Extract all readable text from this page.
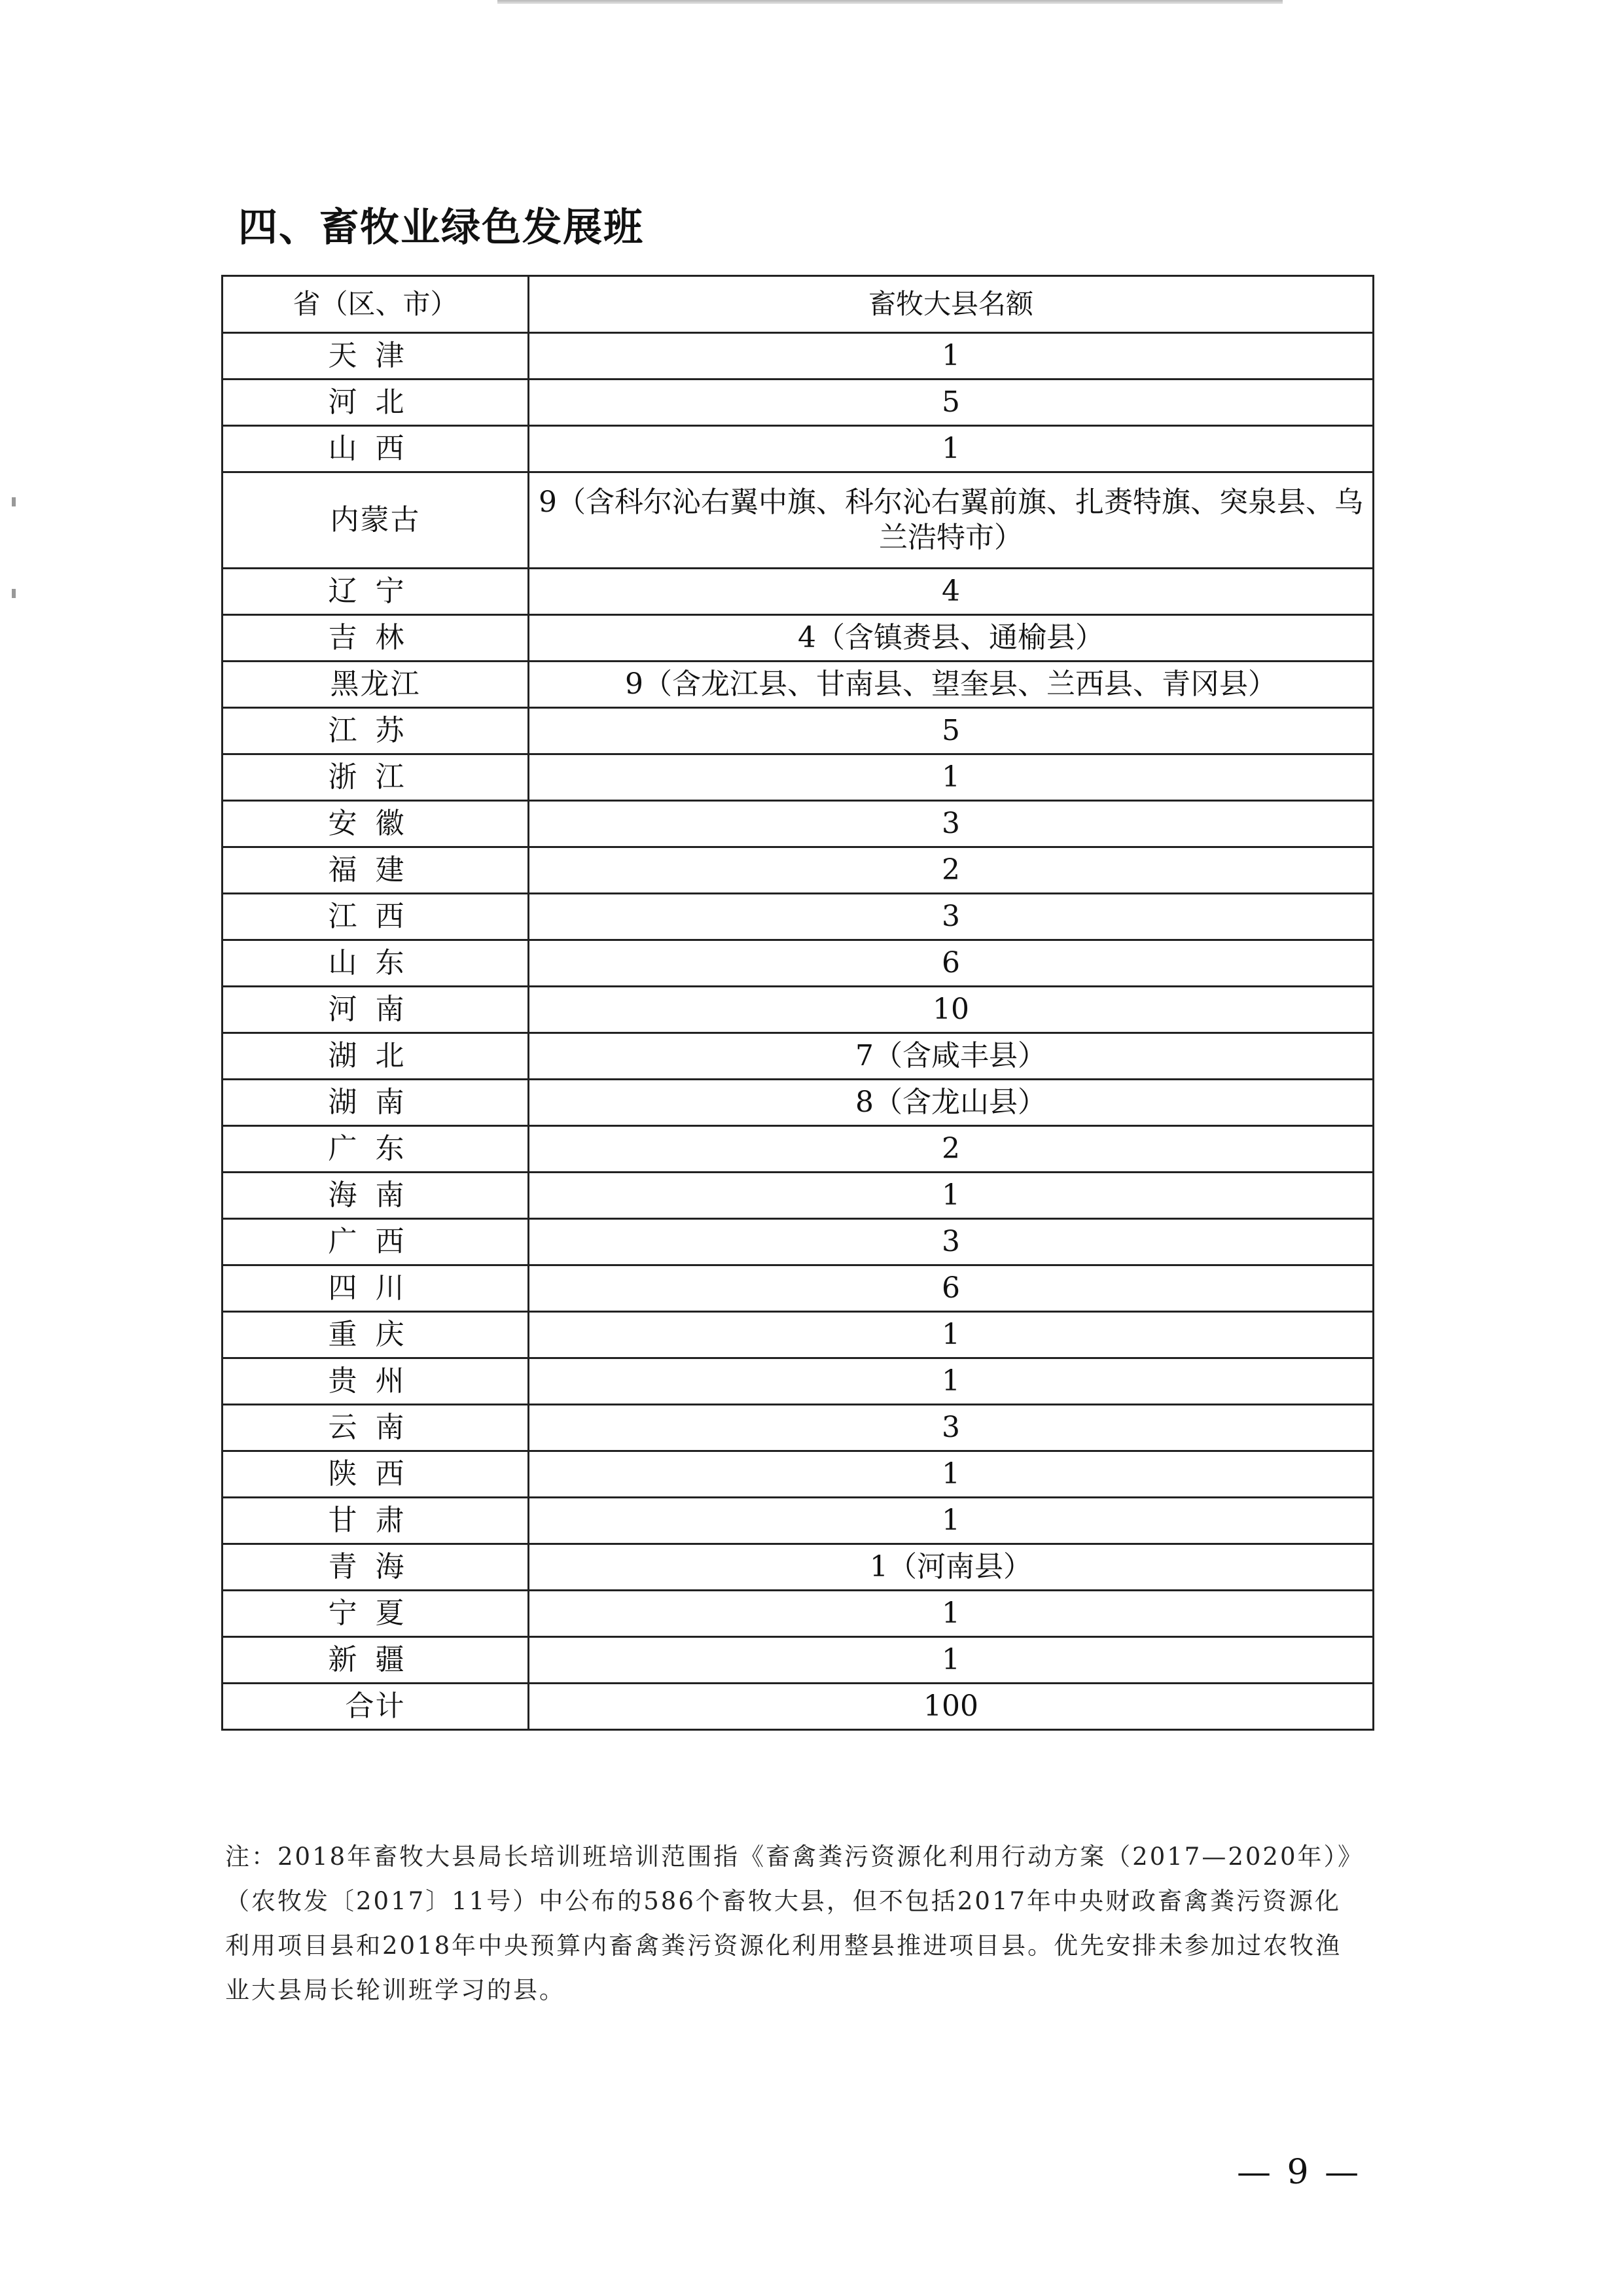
四、畜牧业绿色发展班
省（区、市）	畜牧大县名额
天津	1
河北	5
山西	1
内蒙古	9（含科尔沁右翼中旗、科尔沁右翼前旗、扎赉特旗、突泉县、乌兰浩特市）
辽宁	4
吉林	4（含镇赉县、通榆县）
黑龙江	9（含龙江县、甘南县、望奎县、兰西县、青冈县）
江苏	5
浙江	1
安徽	3
福建	2
江西	3
山东	6
河南	10
湖北	7（含咸丰县）
湖南	8（含龙山县）
广东	2
海南	1
广西	3
四川	6
重庆	1
贵州	1
云南	3
陕西	1
甘肃	1
青海	1（河南县）
宁夏	1
新疆	1
合计	100
注：2018年畜牧大县局长培训班培训范围指《畜禽粪污资源化利用行动方案（2017—2020年）》（农牧发〔2017〕11号）中公布的586个畜牧大县，但不包括2017年中央财政畜禽粪污资源化利用项目县和2018年中央预算内畜禽粪污资源化利用整县推进项目县。优先安排未参加过农牧渔业大县局长轮训班学习的县。
— 9 —
